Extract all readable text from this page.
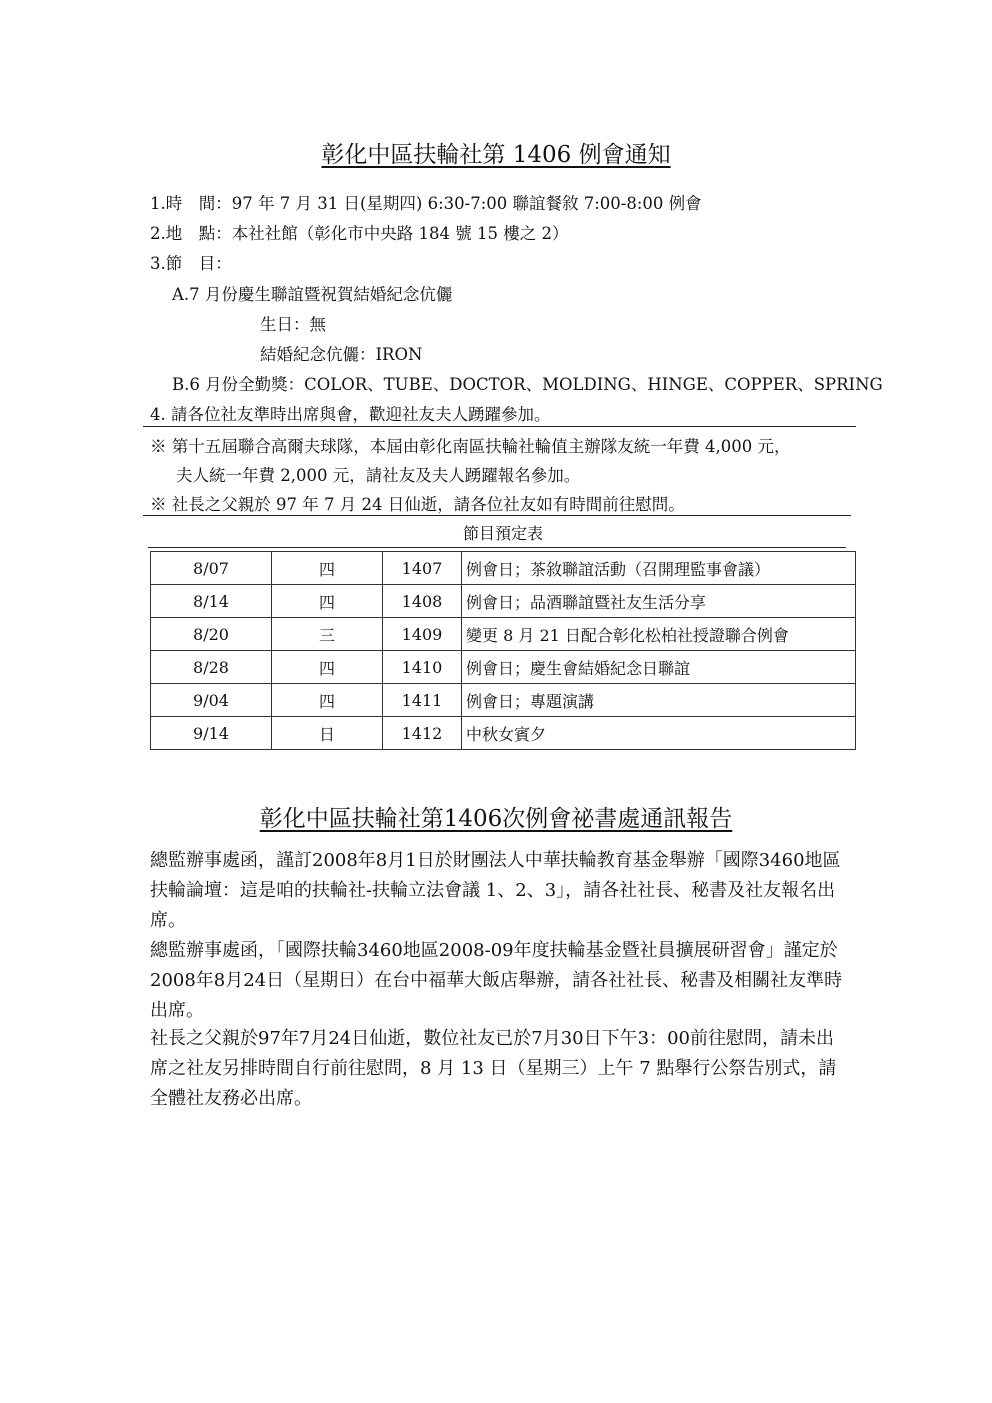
彰化中區扶輪社第 1406 例會通知

1.時　間：97 年 7 月 31 日(星期四) 6:30-7:00 聯誼餐敘 7:00-8:00 例會

2.地　點：本社社館（彰化市中央路 184 號 15 樓之 2）

3.節　目：

A.7 月份慶生聯誼暨祝賀結婚紀念伉儷

生日：無

結婚紀念伉儷：IRON

B.6 月份全勤獎：COLOR、TUBE、DOCTOR、MOLDING、HINGE、COPPER、SPRING

4. 請各位社友準時出席與會，歡迎社友夫人踴躍參加。

※ 第十五屆聯合高爾夫球隊，本屆由彰化南區扶輪社輪值主辦隊友統一年費 4,000 元，

夫人統一年費 2,000 元，請社友及夫人踴躍報名參加。

※ 社長之父親於 97 年 7 月 24 日仙逝，請各位社友如有時間前往慰問。

節目預定表
8/07	四	1407	例會日；茶敘聯誼活動（召開理監事會議）
8/14	四	1408	例會日；品酒聯誼暨社友生活分享
8/20	三	1409	變更 8 月 21 日配合彰化松柏社授證聯合例會
8/28	四	1410	例會日；慶生會結婚紀念日聯誼
9/04	四	1411	例會日；專題演講
9/14	日	1412	中秋女賓夕
彰化中區扶輪社第1406次例會祕書處通訊報告

總監辦事處函，謹訂2008年8月1日於財團法人中華扶輪教育基金舉辦「國際3460地區扶輪論壇：這是咱的扶輪社-扶輪立法會議 1、2、3」，請各社社長、秘書及社友報名出席。

總監辦事處函，「國際扶輪3460地區2008-09年度扶輪基金暨社員擴展研習會」謹定於2008年8月24日（星期日）在台中福華大飯店舉辦，請各社社長、秘書及相關社友準時出席。

社長之父親於97年7月24日仙逝，數位社友已於7月30日下午3：00前往慰問，請未出席之社友另排時間自行前往慰問，8 月 13 日（星期三）上午 7 點舉行公祭告別式，請全體社友務必出席。
